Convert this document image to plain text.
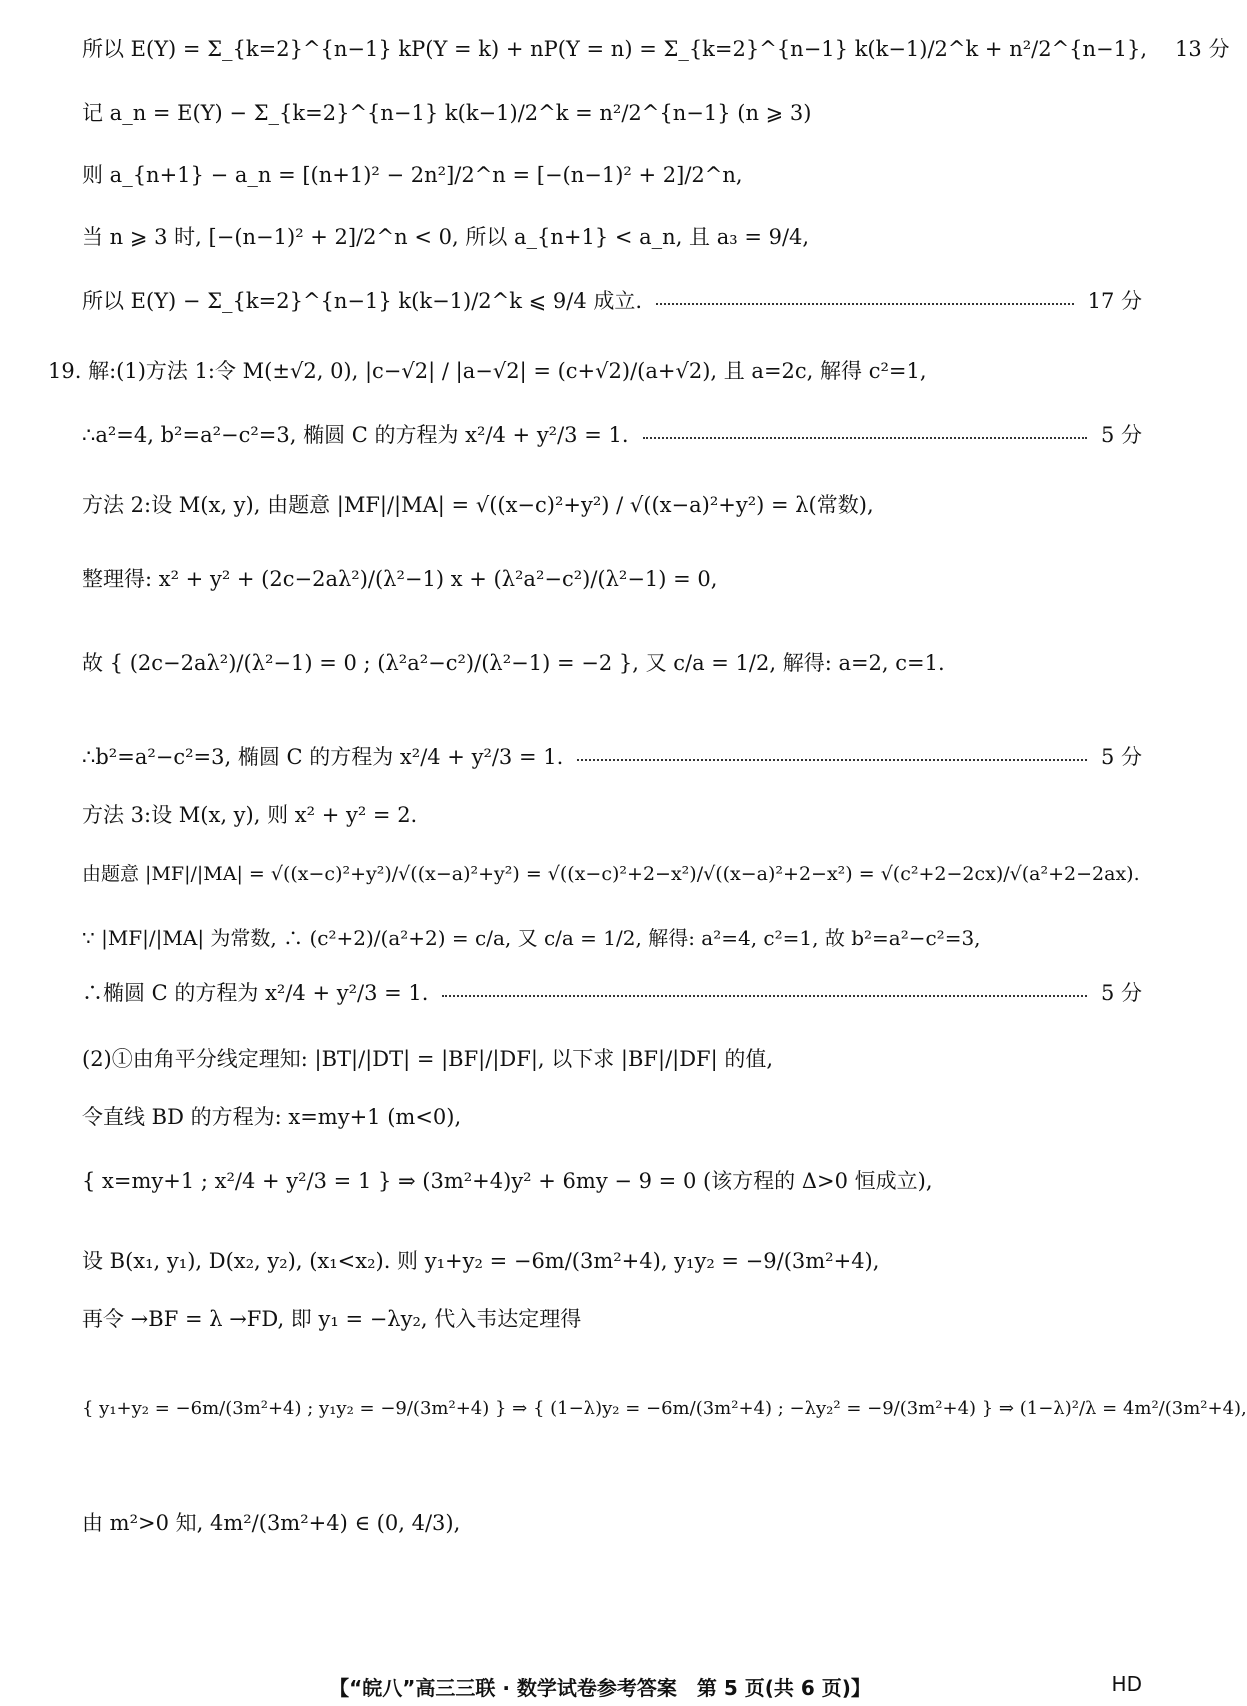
所以 E(Y) = Σ_{k=2}^{n−1} kP(Y = k) + nP(Y = n) = Σ_{k=2}^{n−1} k(k−1)/2^k + n²/2^{n−1}, 13 分
记 a_n = E(Y) − Σ_{k=2}^{n−1} k(k−1)/2^k = n²/2^{n−1} (n ⩾ 3)
则 a_{n+1} − a_n = [(n+1)² − 2n²]/2^n = [−(n−1)² + 2]/2^n,
当 n ⩾ 3 时, [−(n−1)² + 2]/2^n < 0, 所以 a_{n+1} < a_n, 且 a₃ = 9/4,
所以 E(Y) − Σ_{k=2}^{n−1} k(k−1)/2^k ⩽ 9/4 成立.	17 分
19. 解:(1)方法 1:令 M(±√2, 0), |c−√2| / |a−√2| = (c+√2)/(a+√2), 且 a=2c, 解得 c²=1,
∴a²=4, b²=a²−c²=3, 椭圆 C 的方程为 x²/4 + y²/3 = 1.	5 分
方法 2:设 M(x, y), 由题意 |MF|/|MA| = √((x−c)²+y²) / √((x−a)²+y²) = λ(常数),
整理得: x² + y² + (2c−2aλ²)/(λ²−1) x + (λ²a²−c²)/(λ²−1) = 0,
故 { (2c−2aλ²)/(λ²−1) = 0 ; (λ²a²−c²)/(λ²−1) = −2 }, 又 c/a = 1/2, 解得: a=2, c=1.
∴b²=a²−c²=3, 椭圆 C 的方程为 x²/4 + y²/3 = 1.	5 分
方法 3:设 M(x, y), 则 x² + y² = 2.
由题意 |MF|/|MA| = √((x−c)²+y²)/√((x−a)²+y²) = √((x−c)²+2−x²)/√((x−a)²+2−x²) = √(c²+2−2cx)/√(a²+2−2ax).
∵ |MF|/|MA| 为常数, ∴ (c²+2)/(a²+2) = c/a, 又 c/a = 1/2, 解得: a²=4, c²=1, 故 b²=a²−c²=3,
∴椭圆 C 的方程为 x²/4 + y²/3 = 1.	5 分
(2)①由角平分线定理知: |BT|/|DT| = |BF|/|DF|, 以下求 |BF|/|DF| 的值,
令直线 BD 的方程为: x=my+1 (m<0),
{ x=my+1 ; x²/4 + y²/3 = 1 } ⇒ (3m²+4)y² + 6my − 9 = 0 (该方程的 Δ>0 恒成立),
设 B(x₁, y₁), D(x₂, y₂), (x₁<x₂). 则 y₁+y₂ = −6m/(3m²+4), y₁y₂ = −9/(3m²+4),
再令 →BF = λ →FD, 即 y₁ = −λy₂, 代入韦达定理得
{ y₁+y₂ = −6m/(3m²+4) ; y₁y₂ = −9/(3m²+4) } ⇒ { (1−λ)y₂ = −6m/(3m²+4) ; −λy₂² = −9/(3m²+4) } ⇒ (1−λ)²/λ = 4m²/(3m²+4),
由 m²>0 知, 4m²/(3m²+4) ∈ (0, 4/3),
【“皖八”高三三联 · 数学试卷参考答案　第 5 页(共 6 页)】	HD
